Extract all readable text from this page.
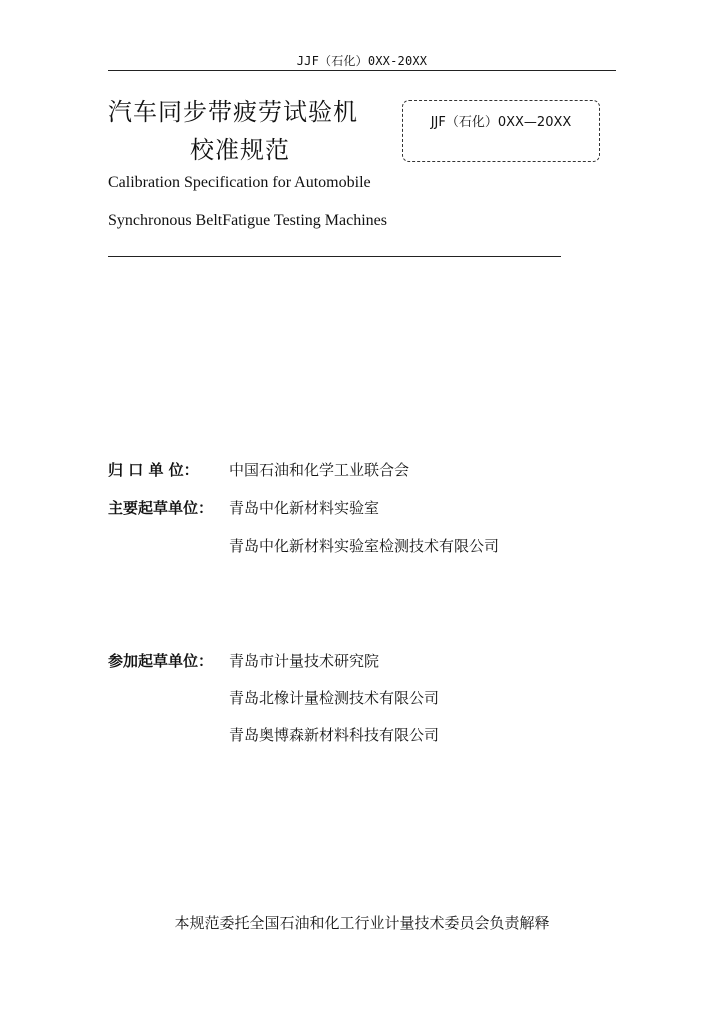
JJF（石化）0XX-20XX
汽车同步带疲劳试验机
校准规范
JJF（石化）0XX—20XX
Calibration Specification for Automobile
Synchronous BeltFatigue Testing Machines
归 口 单 位： 中国石油和化学工业联合会
主要起草单位： 青岛中化新材料实验室
青岛中化新材料实验室检测技术有限公司
参加起草单位： 青岛市计量技术研究院
青岛北橡计量检测技术有限公司
青岛奥博森新材料科技有限公司
本规范委托全国石油和化工行业计量技术委员会负责解释
